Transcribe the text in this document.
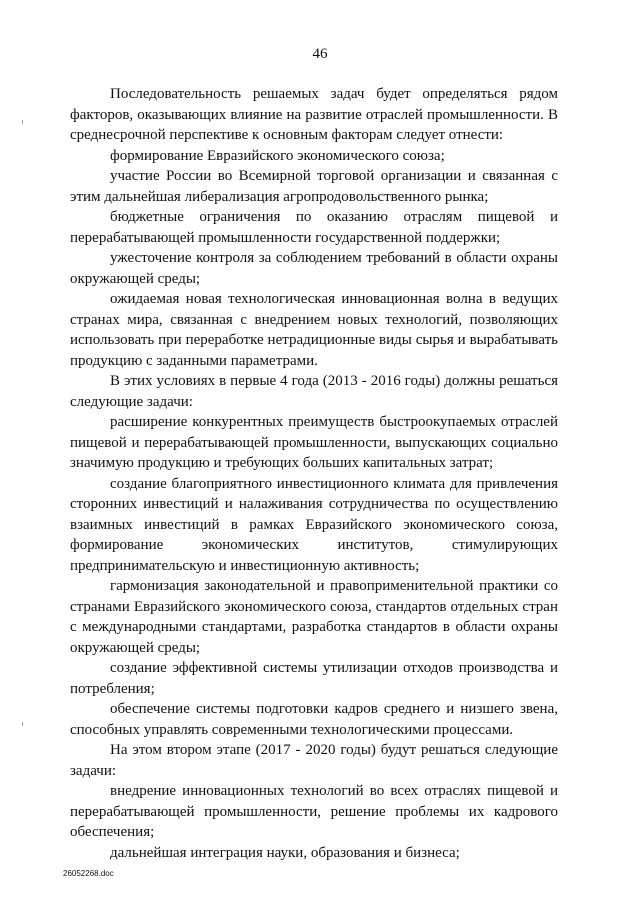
46

Последовательность решаемых задач будет определяться рядом факторов, оказывающих влияние на развитие отраслей промышленности. В среднесрочной перспективе к основным факторам следует отнести:

формирование Евразийского экономического союза;

участие России во Всемирной торговой организации и связанная с этим дальнейшая либерализация агропродовольственного рынка;

бюджетные ограничения по оказанию отраслям пищевой и перерабатывающей промышленности государственной поддержки;

ужесточение контроля за соблюдением требований в области охраны окружающей среды;

ожидаемая новая технологическая инновационная волна в ведущих странах мира, связанная с внедрением новых технологий, позволяющих использовать при переработке нетрадиционные виды сырья и вырабатывать продукцию с заданными параметрами.

В этих условиях в первые 4 года (2013 - 2016 годы) должны решаться следующие задачи:

расширение конкурентных преимуществ быстроокупаемых отраслей пищевой и перерабатывающей промышленности, выпускающих социально значимую продукцию и требующих больших капитальных затрат;

создание благоприятного инвестиционного климата для привлечения сторонних инвестиций и налаживания сотрудничества по осуществлению взаимных инвестиций в рамках Евразийского экономического союза, формирование экономических институтов, стимулирующих предпринимательскую и инвестиционную активность;

гармонизация законодательной и правоприменительной практики со странами Евразийского экономического союза, стандартов отдельных стран с международными стандартами, разработка стандартов в области охраны окружающей среды;

создание эффективной системы утилизации отходов производства и потребления;

обеспечение системы подготовки кадров среднего и низшего звена, способных управлять современными технологическими процессами.

На этом втором этапе (2017 - 2020 годы) будут решаться следующие задачи:

внедрение инновационных технологий во всех отраслях пищевой и перерабатывающей промышленности, решение проблемы их кадрового обеспечения;

дальнейшая интеграция науки, образования и бизнеса;

26052268.doc
